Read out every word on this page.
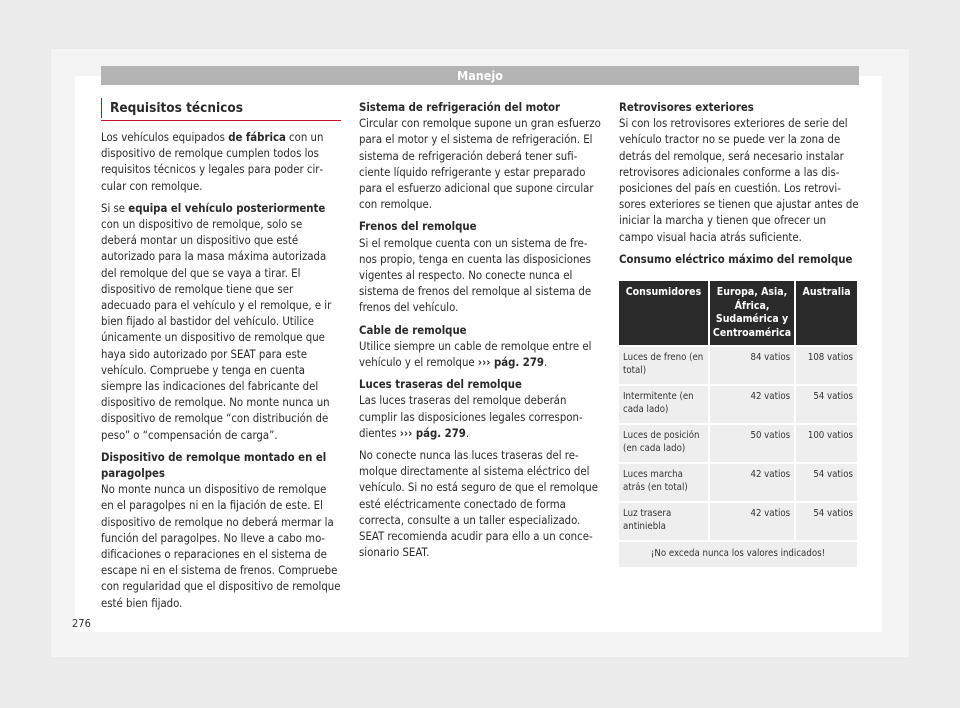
Manejo
Requisitos técnicos

Los vehículos equipados de fábrica con un dispositivo de remolque cumplen todos los requisitos técnicos y legales para poder circular con remolque.

Si se equipa el vehículo posteriormente con un dispositivo de remolque, solo se deberá montar un dispositivo que esté autorizado para la masa máxima autorizada del remolque del que se vaya a tirar. El dispositivo de remolque tiene que ser adecuado para el vehículo y el remolque, e ir bien fijado al bastidor del vehículo. Utilice únicamente un dispositivo de remolque que haya sido autorizado por SEAT para este vehículo. Compruebe y tenga en cuenta siempre las indicaciones del fabricante del dispositivo de remolque. No monte nunca un dispositivo de remolque “con distribución de peso” o “compensación de carga”.

Dispositivo de remolque montado en el paragolpes

No monte nunca un dispositivo de remolque en el paragolpes ni en la fijación de este. El dispositivo de remolque no deberá mermar la función del paragolpes. No lleve a cabo modificaciones o reparaciones en el sistema de escape ni en el sistema de frenos. Compruebe con regularidad que el dispositivo de remolque esté bien fijado.

Sistema de refrigeración del motor

Circular con remolque supone un gran esfuerzo para el motor y el sistema de refrigeración. El sistema de refrigeración deberá tener suficiente líquido refrigerante y estar preparado para el esfuerzo adicional que supone circular con remolque.

Frenos del remolque

Si el remolque cuenta con un sistema de frenos propio, tenga en cuenta las disposiciones vigentes al respecto. No conecte nunca el sistema de frenos del remolque al sistema de frenos del vehículo.

Cable de remolque

Utilice siempre un cable de remolque entre el vehículo y el remolque ››› pág. 279.

Luces traseras del remolque

Las luces traseras del remolque deberán cumplir las disposiciones legales correspondientes ››› pág. 279.

No conecte nunca las luces traseras del remolque directamente al sistema eléctrico del vehículo. Si no está seguro de que el remolque esté eléctricamente conectado de forma correcta, consulte a un taller especializado. SEAT recomienda acudir para ello a un concesionario SEAT.

Retrovisores exteriores

Si con los retrovisores exteriores de serie del vehículo tractor no se puede ver la zona de detrás del remolque, será necesario instalar retrovisores adicionales conforme a las disposiciones del país en cuestión. Los retrovisores exteriores se tienen que ajustar antes de iniciar la marcha y tienen que ofrecer un campo visual hacia atrás suficiente.

Consumo eléctrico máximo del remolque
Consumidores	Europa, Asia, África, Sudamérica y Centroamérica	Australia
Luces de freno (en total)	84 vatios	108 vatios
Intermitente (en cada lado)	42 vatios	54 vatios
Luces de posición (en cada lado)	50 vatios	100 vatios
Luces marcha atrás (en total)	42 vatios	54 vatios
Luz trasera antiniebla	42 vatios	54 vatios
¡No exceda nunca los valores indicados!		
276
